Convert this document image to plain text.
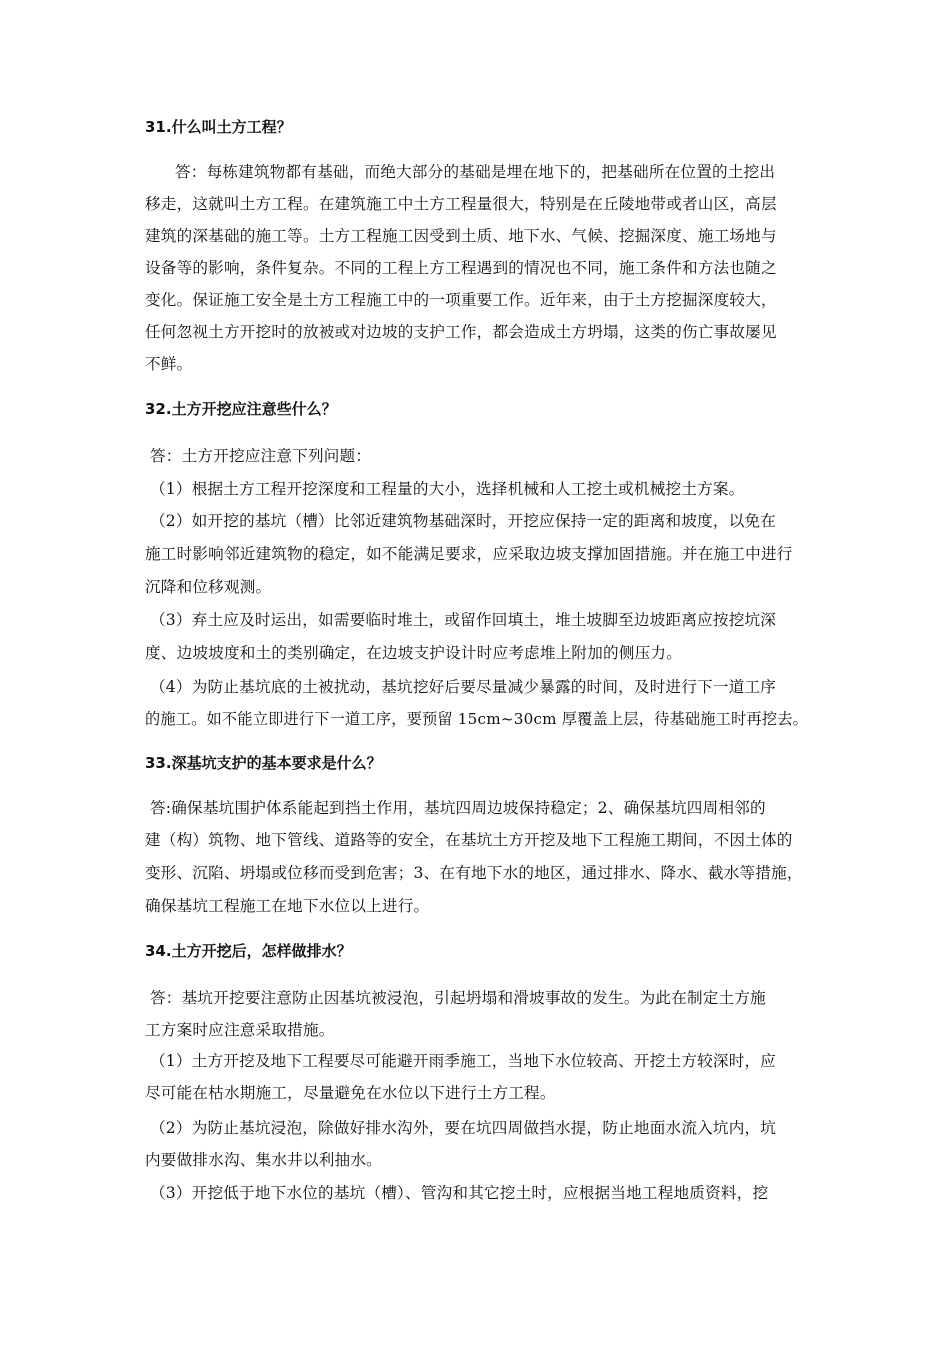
31.什么叫土方工程？
答：每栋建筑物都有基础，而绝大部分的基础是埋在地下的，把基础所在位置的土挖出
移走，这就叫土方工程。在建筑施工中土方工程量很大，特别是在丘陵地带或者山区，高层
建筑的深基础的施工等。土方工程施工因受到土质、地下水、气候、挖掘深度、施工场地与
设备等的影响，条件复杂。不同的工程上方工程遇到的情况也不同，施工条件和方法也随之
变化。保证施工安全是土方工程施工中的一项重要工作。近年来，由于土方挖掘深度较大，
任何忽视土方开挖时的放被或对边坡的支护工作，都会造成土方坍塌，这类的伤亡事故屡见
不鲜。
32.土方开挖应注意些什么？
答：土方开挖应注意下列问题：
（1）根据土方工程开挖深度和工程量的大小，选择机械和人工挖土或机械挖土方案。
（2）如开挖的基坑（槽）比邻近建筑物基础深时，开挖应保持一定的距离和坡度，以免在
施工时影响邻近建筑物的稳定，如不能满足要求，应采取边坡支撑加固措施。并在施工中进行
沉降和位移观测。
（3）弃土应及时运出，如需要临时堆土，或留作回填土，堆土坡脚至边坡距离应按挖坑深
度、边坡坡度和土的类别确定，在边坡支护设计时应考虑堆上附加的侧压力。
（4）为防止基坑底的土被扰动，基坑挖好后要尽量减少暴露的时间，及时进行下一道工序
的施工。如不能立即进行下一道工序，要预留 15cm~30cm 厚覆盖上层，待基础施工时再挖去。
33.深基坑支护的基本要求是什么？
答:确保基坑围护体系能起到挡土作用，基坑四周边坡保持稳定；2、确保基坑四周相邻的
建（构）筑物、地下管线、道路等的安全，在基坑土方开挖及地下工程施工期间，不因土体的
变形、沉陷、坍塌或位移而受到危害；3、在有地下水的地区，通过排水、降水、截水等措施，
确保基坑工程施工在地下水位以上进行。
34.土方开挖后，怎样做排水？
答：基坑开挖要注意防止因基坑被浸泡，引起坍塌和滑坡事故的发生。为此在制定土方施
工方案时应注意采取措施。
（1）土方开挖及地下工程要尽可能避开雨季施工，当地下水位较高、开挖土方较深时，应
尽可能在枯水期施工，尽量避免在水位以下进行土方工程。
（2）为防止基坑浸泡，除做好排水沟外，要在坑四周做挡水提，防止地面水流入坑内，坑
内要做排水沟、集水井以利抽水。
（3）开挖低于地下水位的基坑（槽）、管沟和其它挖土时，应根据当地工程地质资料，挖
